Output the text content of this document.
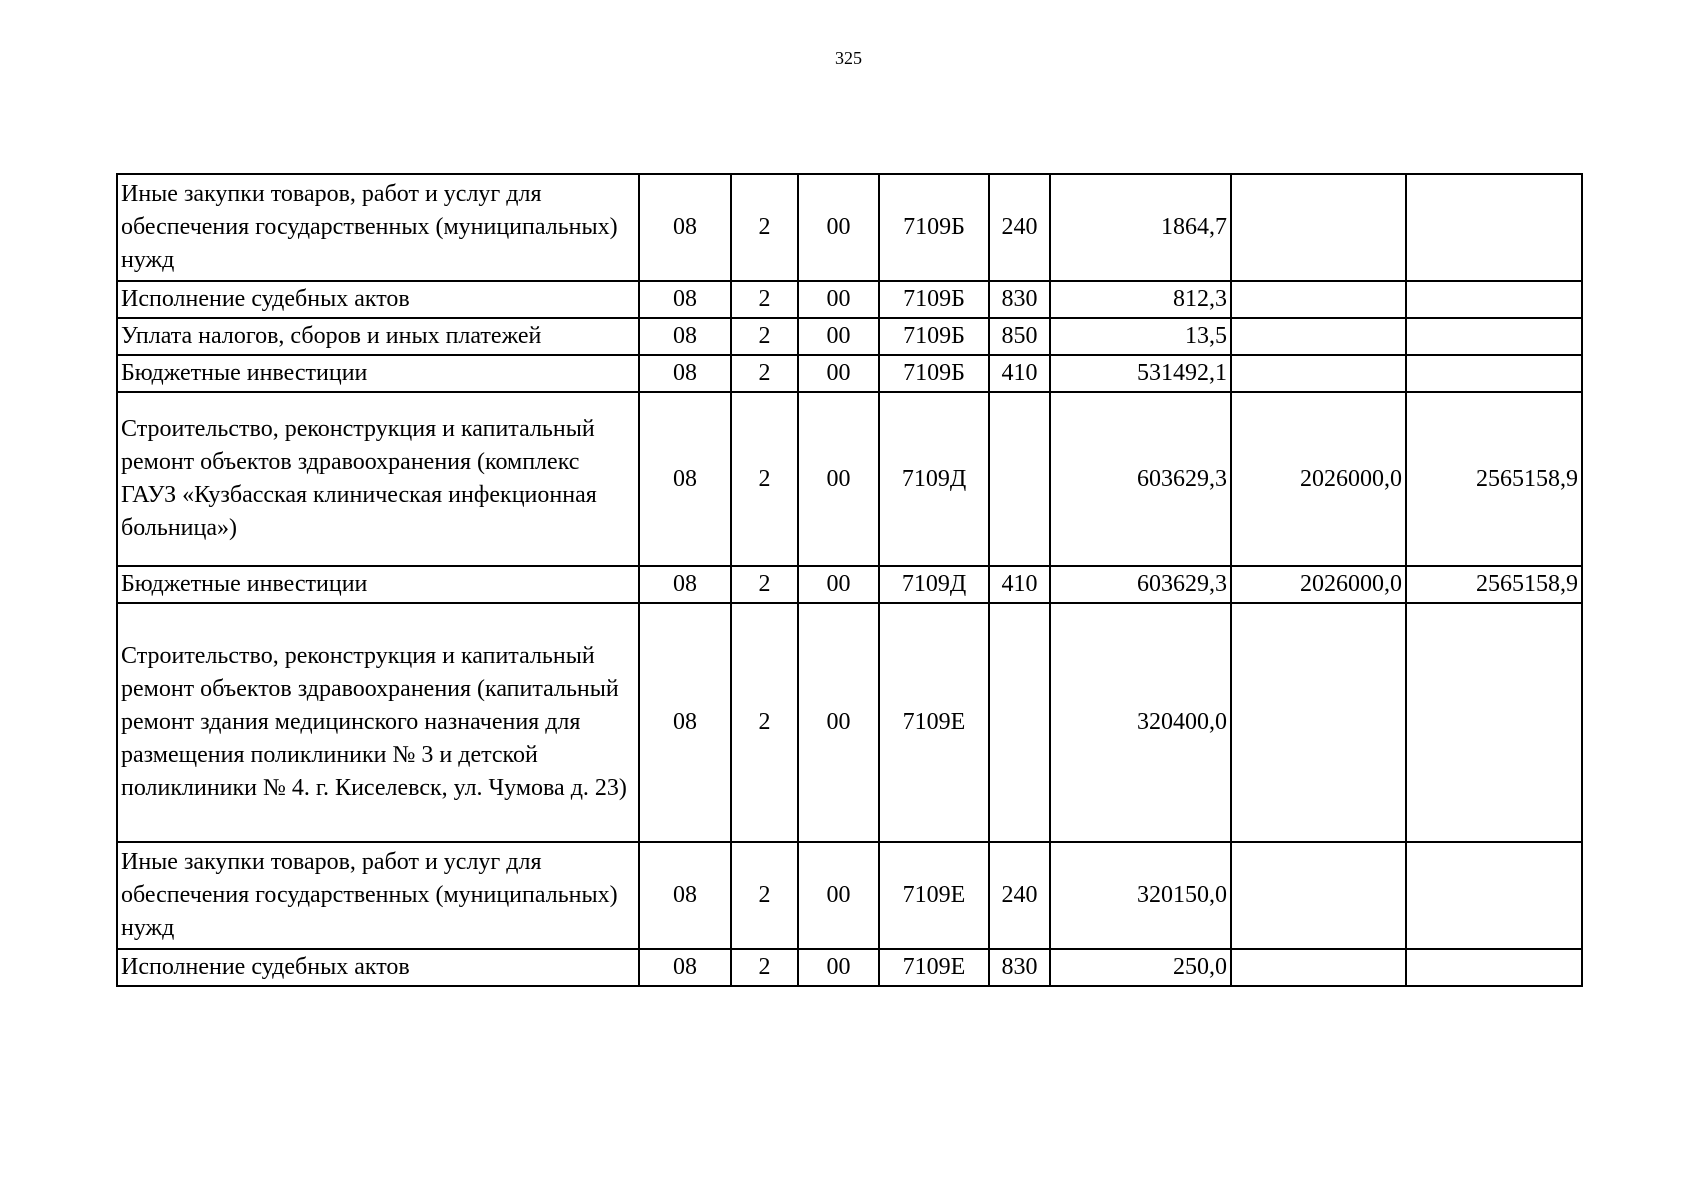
325
Иные закупки товаров, работ и услуг для обеспечения государственных (муниципальных) нужд	08	2	00	7109Б	240	1864,7		
Исполнение судебных актов	08	2	00	7109Б	830	812,3		
Уплата налогов, сборов и иных платежей	08	2	00	7109Б	850	13,5		
Бюджетные инвестиции	08	2	00	7109Б	410	531492,1		
Строительство, реконструкция и капитальный ремонт объектов здравоохранения (комплекс ГАУЗ «Кузбасская клиническая инфекционная больница»)	08	2	00	7109Д		603629,3	2026000,0	2565158,9
Бюджетные инвестиции	08	2	00	7109Д	410	603629,3	2026000,0	2565158,9
Строительство, реконструкция и капитальный ремонт объектов здравоохранения (капитальный ремонт здания медицинского назначения для размещения поликлиники № 3 и детской поликлиники № 4. г. Киселевск, ул. Чумова д. 23)	08	2	00	7109Е		320400,0		
Иные закупки товаров, работ и услуг для обеспечения государственных (муниципальных) нужд	08	2	00	7109Е	240	320150,0		
Исполнение судебных актов	08	2	00	7109Е	830	250,0		
